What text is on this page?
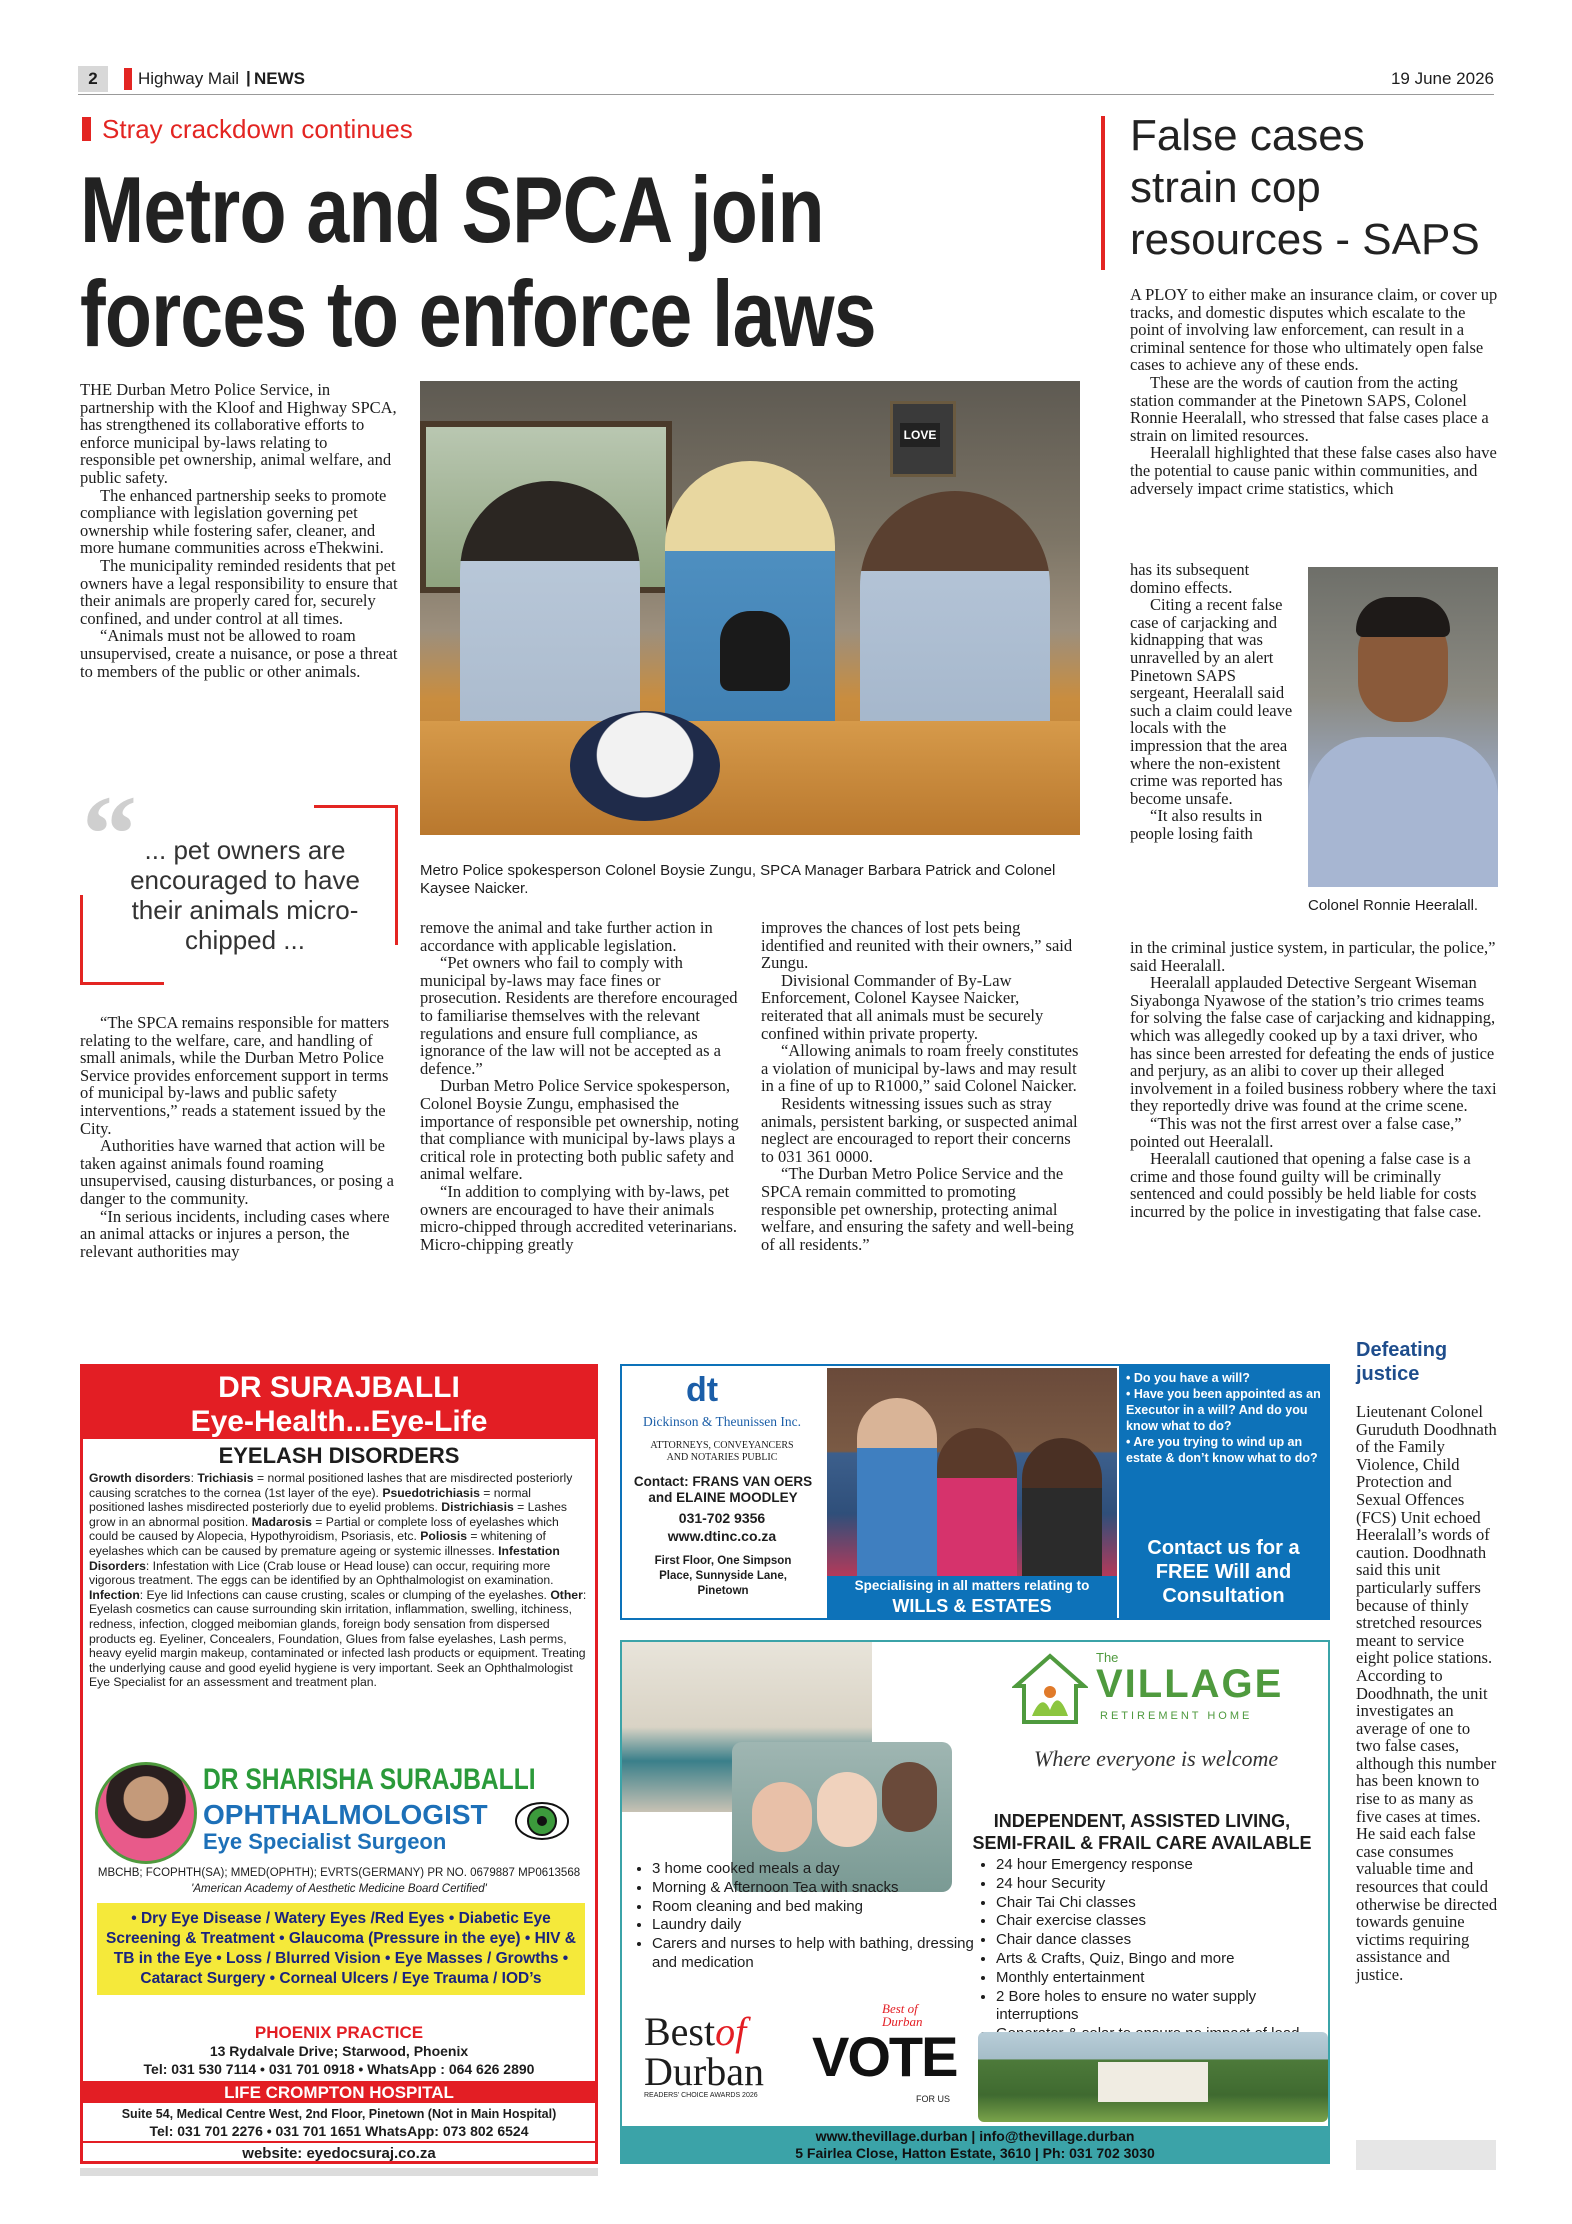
2	Highway Mail | NEWS	19 June 2026
Stray crackdown continues
Metro and SPCA join
forces to enforce laws

THE Durban Metro Police Service, in partnership with the Kloof and Highway SPCA, has strengthened its collaborative efforts to enforce municipal by-laws relating to responsible pet ownership, animal welfare, and public safety.

The enhanced partnership seeks to promote compliance with legislation governing pet ownership while fostering safer, cleaner, and more humane communities across eThekwini.

The municipality reminded residents that pet owners have a legal responsibility to ensure that their animals are properly cared for, securely confined, and under control at all times.

“Animals must not be allowed to roam unsupervised, create a nuisance, or pose a threat to members of the public or other animals.

“ ... pet owners are encouraged to have their animals micro-chipped ...

“The SPCA remains responsible for matters relating to the welfare, care, and handling of small animals, while the Durban Metro Police Service provides enforcement support in terms of municipal by-laws and public safety interventions,” reads a statement issued by the City.

Authorities have warned that action will be taken against animals found roaming unsupervised, causing disturbances, or posing a danger to the community.

“In serious incidents, including cases where an animal attacks or injures a person, the relevant authorities may

LOVE
Metro Police spokesperson Colonel Boysie Zungu, SPCA Manager Barbara Patrick and Colonel Kaysee Naicker.

remove the animal and take further action in accordance with applicable legislation.

“Pet owners who fail to comply with municipal by-laws may face fines or prosecution. Residents are therefore encouraged to familiarise themselves with the relevant regulations and ensure full compliance, as ignorance of the law will not be accepted as a defence.”

Durban Metro Police Service spokesperson, Colonel Boysie Zungu, emphasised the importance of responsible pet ownership, noting that compliance with municipal by-laws plays a critical role in protecting both public safety and animal welfare.

“In addition to complying with by-laws, pet owners are encouraged to have their animals micro-chipped through accredited veterinarians. Micro-chipping greatly

improves the chances of lost pets being identified and reunited with their owners,” said Zungu.

Divisional Commander of By-Law Enforcement, Colonel Kaysee Naicker, reiterated that all animals must be securely confined within private property.

“Allowing animals to roam freely constitutes a violation of municipal by-laws and may result in a fine of up to R1000,” said Colonel Naicker.

Residents witnessing issues such as stray animals, persistent barking, or suspected animal neglect are encouraged to report their concerns to 031 361 0000.

“The Durban Metro Police Service and the SPCA remain committed to promoting responsible pet ownership, protecting animal welfare, and ensuring the safety and well-being of all residents.”

False cases
strain cop
resources - SAPS

A PLOY to either make an insurance claim, or cover up tracks, and domestic disputes which escalate to the point of involving law enforcement, can result in a criminal sentence for those who ultimately open false cases to achieve any of these ends.

These are the words of caution from the acting station commander at the Pinetown SAPS, Colonel Ronnie Heeralall, who stressed that false cases place a strain on limited resources.

Heeralall highlighted that these false cases also have the potential to cause panic within communities, and adversely impact crime statistics, which

has its subsequent domino effects.

Citing a recent false case of carjacking and kidnapping that was unravelled by an alert Pinetown SAPS sergeant, Heeralall said such a claim could leave locals with the impression that the area where the non-existent crime was reported has become unsafe.

“It also results in people losing faith

Colonel Ronnie Heeralall.

in the criminal justice system, in particular, the police,” said Heeralall.

Heeralall applauded Detective Sergeant Wiseman Siyabonga Nyawose of the station’s trio crimes teams for solving the false case of carjacking and kidnapping, which was allegedly cooked up by a taxi driver, who has since been arrested for defeating the ends of justice and perjury, as an alibi to cover up their alleged involvement in a foiled business robbery where the taxi they reportedly drive was found at the crime scene.

“This was not the first arrest over a false case,” pointed out Heeralall.

Heeralall cautioned that opening a false case is a crime and those found guilty will be criminally sentenced and could possibly be held liable for costs incurred by the police in investigating that false case.

Defeating
justice

Lieutenant Colonel Guruduth Doodhnath of the Family Violence, Child Protection and Sexual Offences (FCS) Unit echoed Heeralall’s words of caution. Doodhnath said this unit particularly suffers because of thinly stretched resources meant to service eight police stations. According to Doodhnath, the unit investigates an average of one to two false cases, although this number has been known to rise to as many as five cases at times. He said each false case consumes valuable time and resources that could otherwise be directed towards genuine victims requiring assistance and justice.

DR SURAJBALLI
Eye-Health...Eye-Life
EYELASH DISORDERS
Growth disorders: Trichiasis = normal positioned lashes that are misdirected posteriorly causing scratches to the cornea (1st layer of the eye). Psuedotrichiasis = normal positioned lashes misdirected posteriorly due to eyelid problems. Districhiasis = Lashes grow in an abnormal position. Madarosis = Partial or complete loss of eyelashes which could be caused by Alopecia, Hypothyroidism, Psoriasis, etc. Poliosis = whitening of eyelashes which can be caused by premature ageing or systemic illnesses. Infestation Disorders: Infestation with Lice (Crab louse or Head louse) can occur, requiring more vigorous treatment. The eggs can be identified by an Ophthalmologist on examination. Infection: Eye lid Infections can cause crusting, scales or clumping of the eyelashes. Other: Eyelash cosmetics can cause surrounding skin irritation, inflammation, swelling, itchiness, redness, infection, clogged meibomian glands, foreign body sensation from dispersed products eg. Eyeliner, Concealers, Foundation, Glues from false eyelashes, Lash perms, heavy eyelid margin makeup, contaminated or infected lash products or equipment. Treating the underlying cause and good eyelid hygiene is very important. Seek an Ophthalmologist Eye Specialist for an assessment and treatment plan.
DR SHARISHA SURAJBALLI
OPHTHALMOLOGIST
Eye Specialist Surgeon
MBCHB; FCOPHTH(SA); MMED(OPHTH); EVRTS(GERMANY) PR NO. 0679887 MP0613568
'American Academy of Aesthetic Medicine Board Certified'
• Dry Eye Disease / Watery Eyes /Red Eyes • Diabetic Eye Screening & Treatment • Glaucoma (Pressure in the eye) • HIV & TB in the Eye • Loss / Blurred Vision • Eye Masses / Growths • Cataract Surgery • Corneal Ulcers / Eye Trauma / IOD’s
PHOENIX PRACTICE
13 Rydalvale Drive; Starwood, Phoenix
Tel: 031 530 7114 • 031 701 0918 • WhatsApp : 064 626 2890
LIFE CROMPTON HOSPITAL
Suite 54, Medical Centre West, 2nd Floor, Pinetown (Not in Main Hospital)
Tel: 031 701 2276 • 031 701 1651 WhatsApp: 073 802 6524
website: eyedocsuraj.co.za
dt
Dickinson & Theunissen Inc.
ATTORNEYS, CONVEYANCERS AND NOTARIES PUBLIC
Contact: FRANS VAN OERS and ELAINE MOODLEY
031-702 9356
www.dtinc.co.za
First Floor, One Simpson Place, Sunnyside Lane, Pinetown	Specialising in all matters relating to
WILLS & ESTATES
• Do you have a will?
• Have you been appointed as an Executor in a will? And do you know what to do?
• Are you trying to wind up an estate & don’t know what to do?
Contact us for a FREE Will and Consultation
The
VILLAGE
RETIREMENT HOME
Where everyone is welcome
INDEPENDENT, ASSISTED LIVING,
SEMI-FRAIL & FRAIL CARE AVAILABLE
• 3 home cooked meals a day
• Morning & Afternoon Tea with snacks
• Room cleaning and bed making
• Laundry daily
• Carers and nurses to help with bathing, dressing and medication
• 24 hour Emergency response
• 24 hour Security
• Chair Tai Chi classes
• Chair exercise classes
• Chair dance classes
• Arts & Crafts, Quiz, Bingo and more
• Monthly entertainment
• 2 Bore holes to ensure no water supply interruptions
•
Bestof
Durban
READERS' CHOICE AWARDS 2026
Best of Durban
VOTE
FOR US
www.thevillage.durban | info@thevillage.durban
5 Fairlea Close, Hatton Estate, 3610 | Ph: 031 702 3030
